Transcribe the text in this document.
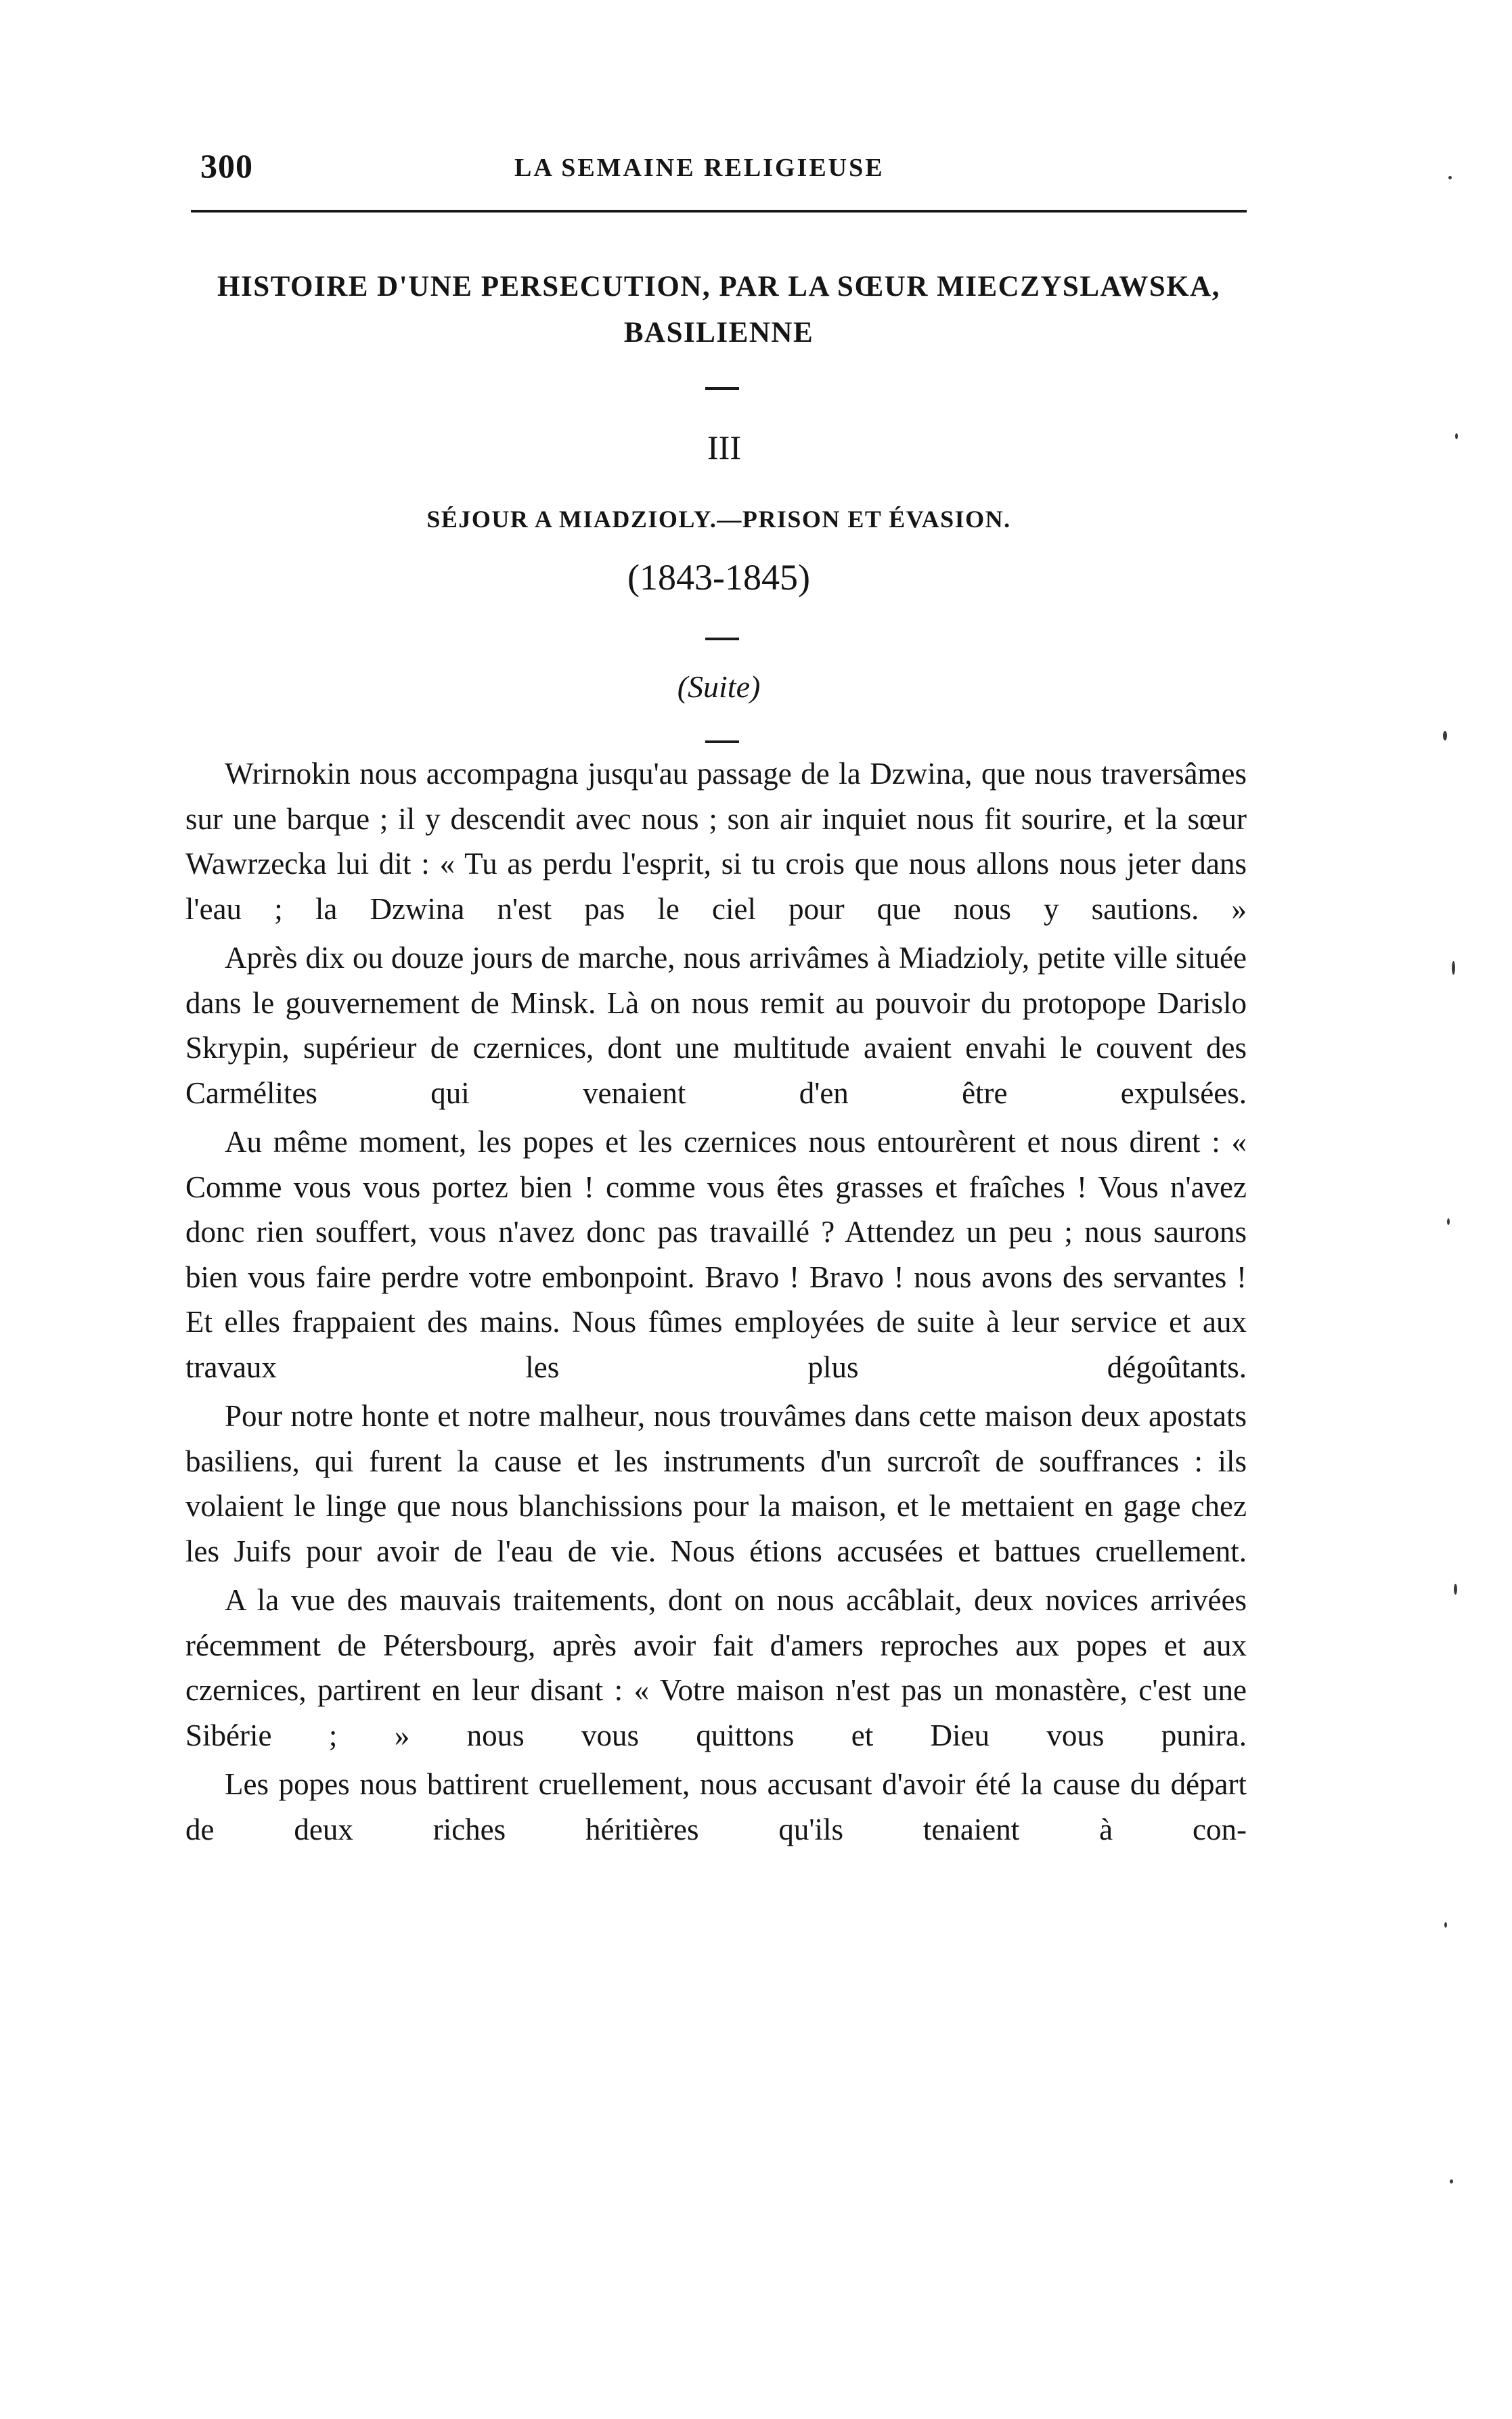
300	LA SEMAINE RELIGIEUSE
HISTOIRE D'UNE PERSECUTION, PAR LA SŒUR MIECZYSLAWSKA, BASILIENNE
III
SÉJOUR A MIADZIOLY.—PRISON ET ÉVASION.
(1843-1845)
(Suite)

Wrirnokin nous accompagna jusqu'au passage de la Dzwina, que nous traversâmes sur une barque ; il y descendit avec nous ; son air inquiet nous fit sourire, et la sœur Wawrzecka lui dit : « Tu as perdu l'esprit, si tu crois que nous allons nous jeter dans l'eau ; la Dzwina n'est pas le ciel pour que nous y sautions. »

Après dix ou douze jours de marche, nous arrivâmes à Miadzioly, petite ville située dans le gouvernement de Minsk. Là on nous remit au pouvoir du protopope Darislo Skrypin, supérieur de czernices, dont une multitude avaient envahi le couvent des Carmélites qui venaient d'en être expulsées.

Au même moment, les popes et les czernices nous entourèrent et nous dirent : « Comme vous vous portez bien ! comme vous êtes grasses et fraîches ! Vous n'avez donc rien souffert, vous n'avez donc pas travaillé ? Attendez un peu ; nous saurons bien vous faire perdre votre embonpoint. Bravo ! Bravo ! nous avons des servantes ! Et elles frappaient des mains. Nous fûmes employées de suite à leur service et aux travaux les plus dégoûtants.

Pour notre honte et notre malheur, nous trouvâmes dans cette maison deux apostats basiliens, qui furent la cause et les instruments d'un surcroît de souffrances : ils volaient le linge que nous blanchissions pour la maison, et le mettaient en gage chez les Juifs pour avoir de l'eau de vie. Nous étions accusées et battues cruellement.

A la vue des mauvais traitements, dont on nous accâblait, deux novices arrivées récemment de Pétersbourg, après avoir fait d'amers reproches aux popes et aux czernices, partirent en leur disant : « Votre maison n'est pas un monastère, c'est une Sibérie ; » nous vous quittons et Dieu vous punira.

Les popes nous battirent cruellement, nous accusant d'avoir été la cause du départ de deux riches héritières qu'ils tenaient à con-
